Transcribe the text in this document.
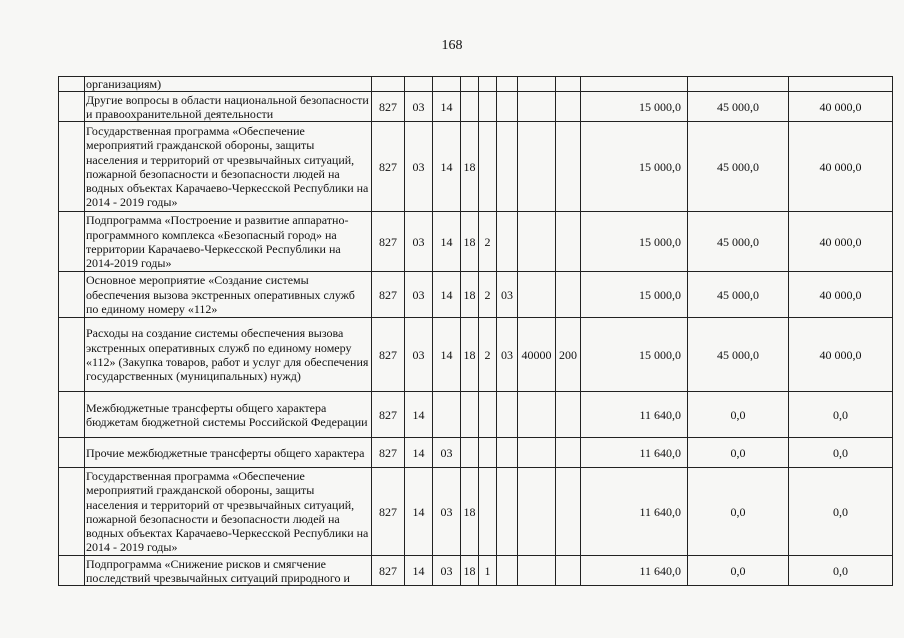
168
	организациям)											
	Другие вопросы в области национальной безопасности и правоохранительной деятельности	827	03	14						15 000,0	45 000,0	40 000,0
	Государственная программа «Обеспечение мероприятий гражданской обороны, защиты населения и территорий от чрезвычайных ситуаций, пожарной безопасности и безопасности людей на водных объектах Карачаево-Черкесской Республики на 2014 - 2019 годы»	827	03	14	18					15 000,0	45 000,0	40 000,0
	Подпрограмма «Построение и развитие аппаратно-программного комплекса «Безопасный город» на территории Карачаево-Черкесской Республики на 2014-2019 годы»	827	03	14	18	2				15 000,0	45 000,0	40 000,0
	Основное мероприятие «Создание системы обеспечения вызова экстренных оперативных служб по единому номеру «112»	827	03	14	18	2	03			15 000,0	45 000,0	40 000,0
	Расходы на создание системы обеспечения вызова экстренных оперативных служб по единому номеру «112» (Закупка товаров, работ и услуг для обеспечения государственных (муниципальных) нужд)	827	03	14	18	2	03	40000	200	15 000,0	45 000,0	40 000,0
	Межбюджетные трансферты общего характера бюджетам бюджетной системы Российской Федерации	827	14							11 640,0	0,0	0,0
	Прочие межбюджетные трансферты общего характера	827	14	03						11 640,0	0,0	0,0
	Государственная программа «Обеспечение мероприятий гражданской обороны, защиты населения и территорий от чрезвычайных ситуаций, пожарной безопасности и безопасности людей на водных объектах Карачаево-Черкесской Республики на 2014 - 2019 годы»	827	14	03	18					11 640,0	0,0	0,0
	Подпрограмма «Снижение рисков и смягчение последствий чрезвычайных ситуаций природного и	827	14	03	18	1				11 640,0	0,0	0,0
